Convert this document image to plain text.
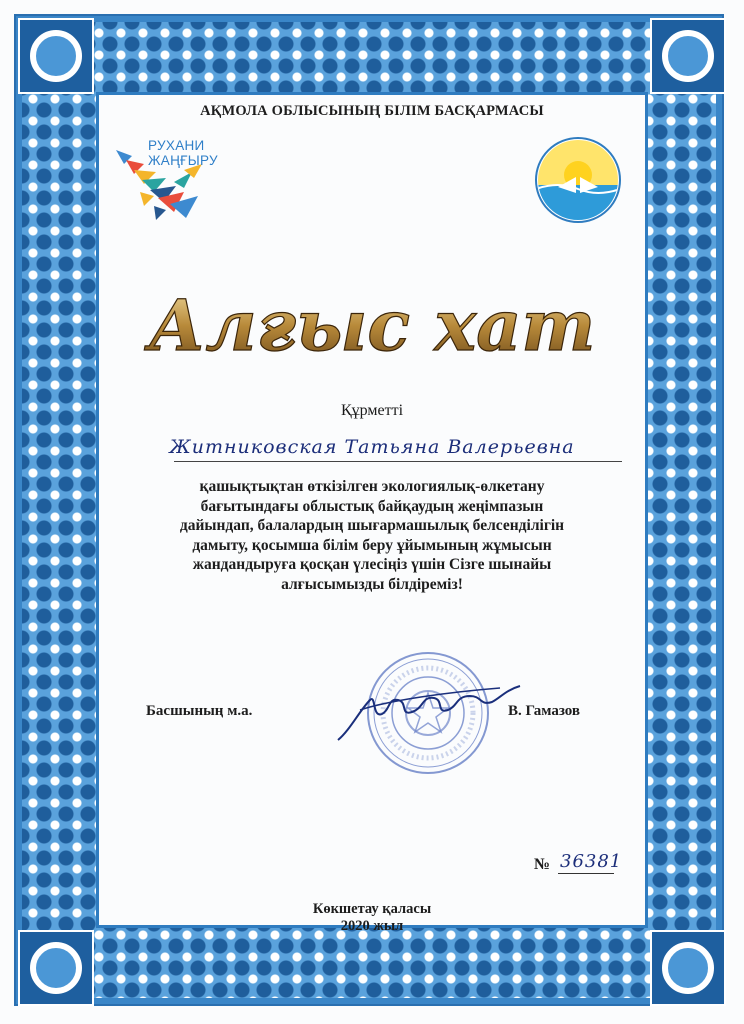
АҚМОЛА ОБЛЫСЫНЫҢ БІЛІМ БАСҚАРМАСЫ
РУХАНИ
ЖАҢҒЫРУ
Алғыс хат
Құрметті
Житниковская Татьяна Валерьевна
қашықтықтан өткізілген экологиялық-өлкетану
бағытындағы облыстық байқаудың жеңімпазын
дайындап, балалардың шығармашылық белсенділігін
дамыту, қосымша білім беру ұйымының жұмысын
жандандыруға қосқан үлесіңіз үшін Сізге шынайы
алғысымызды білдіреміз!
Басшының м.а.	В. Гамазов
№ 36381
Көкшетау қаласы
2020 жыл
